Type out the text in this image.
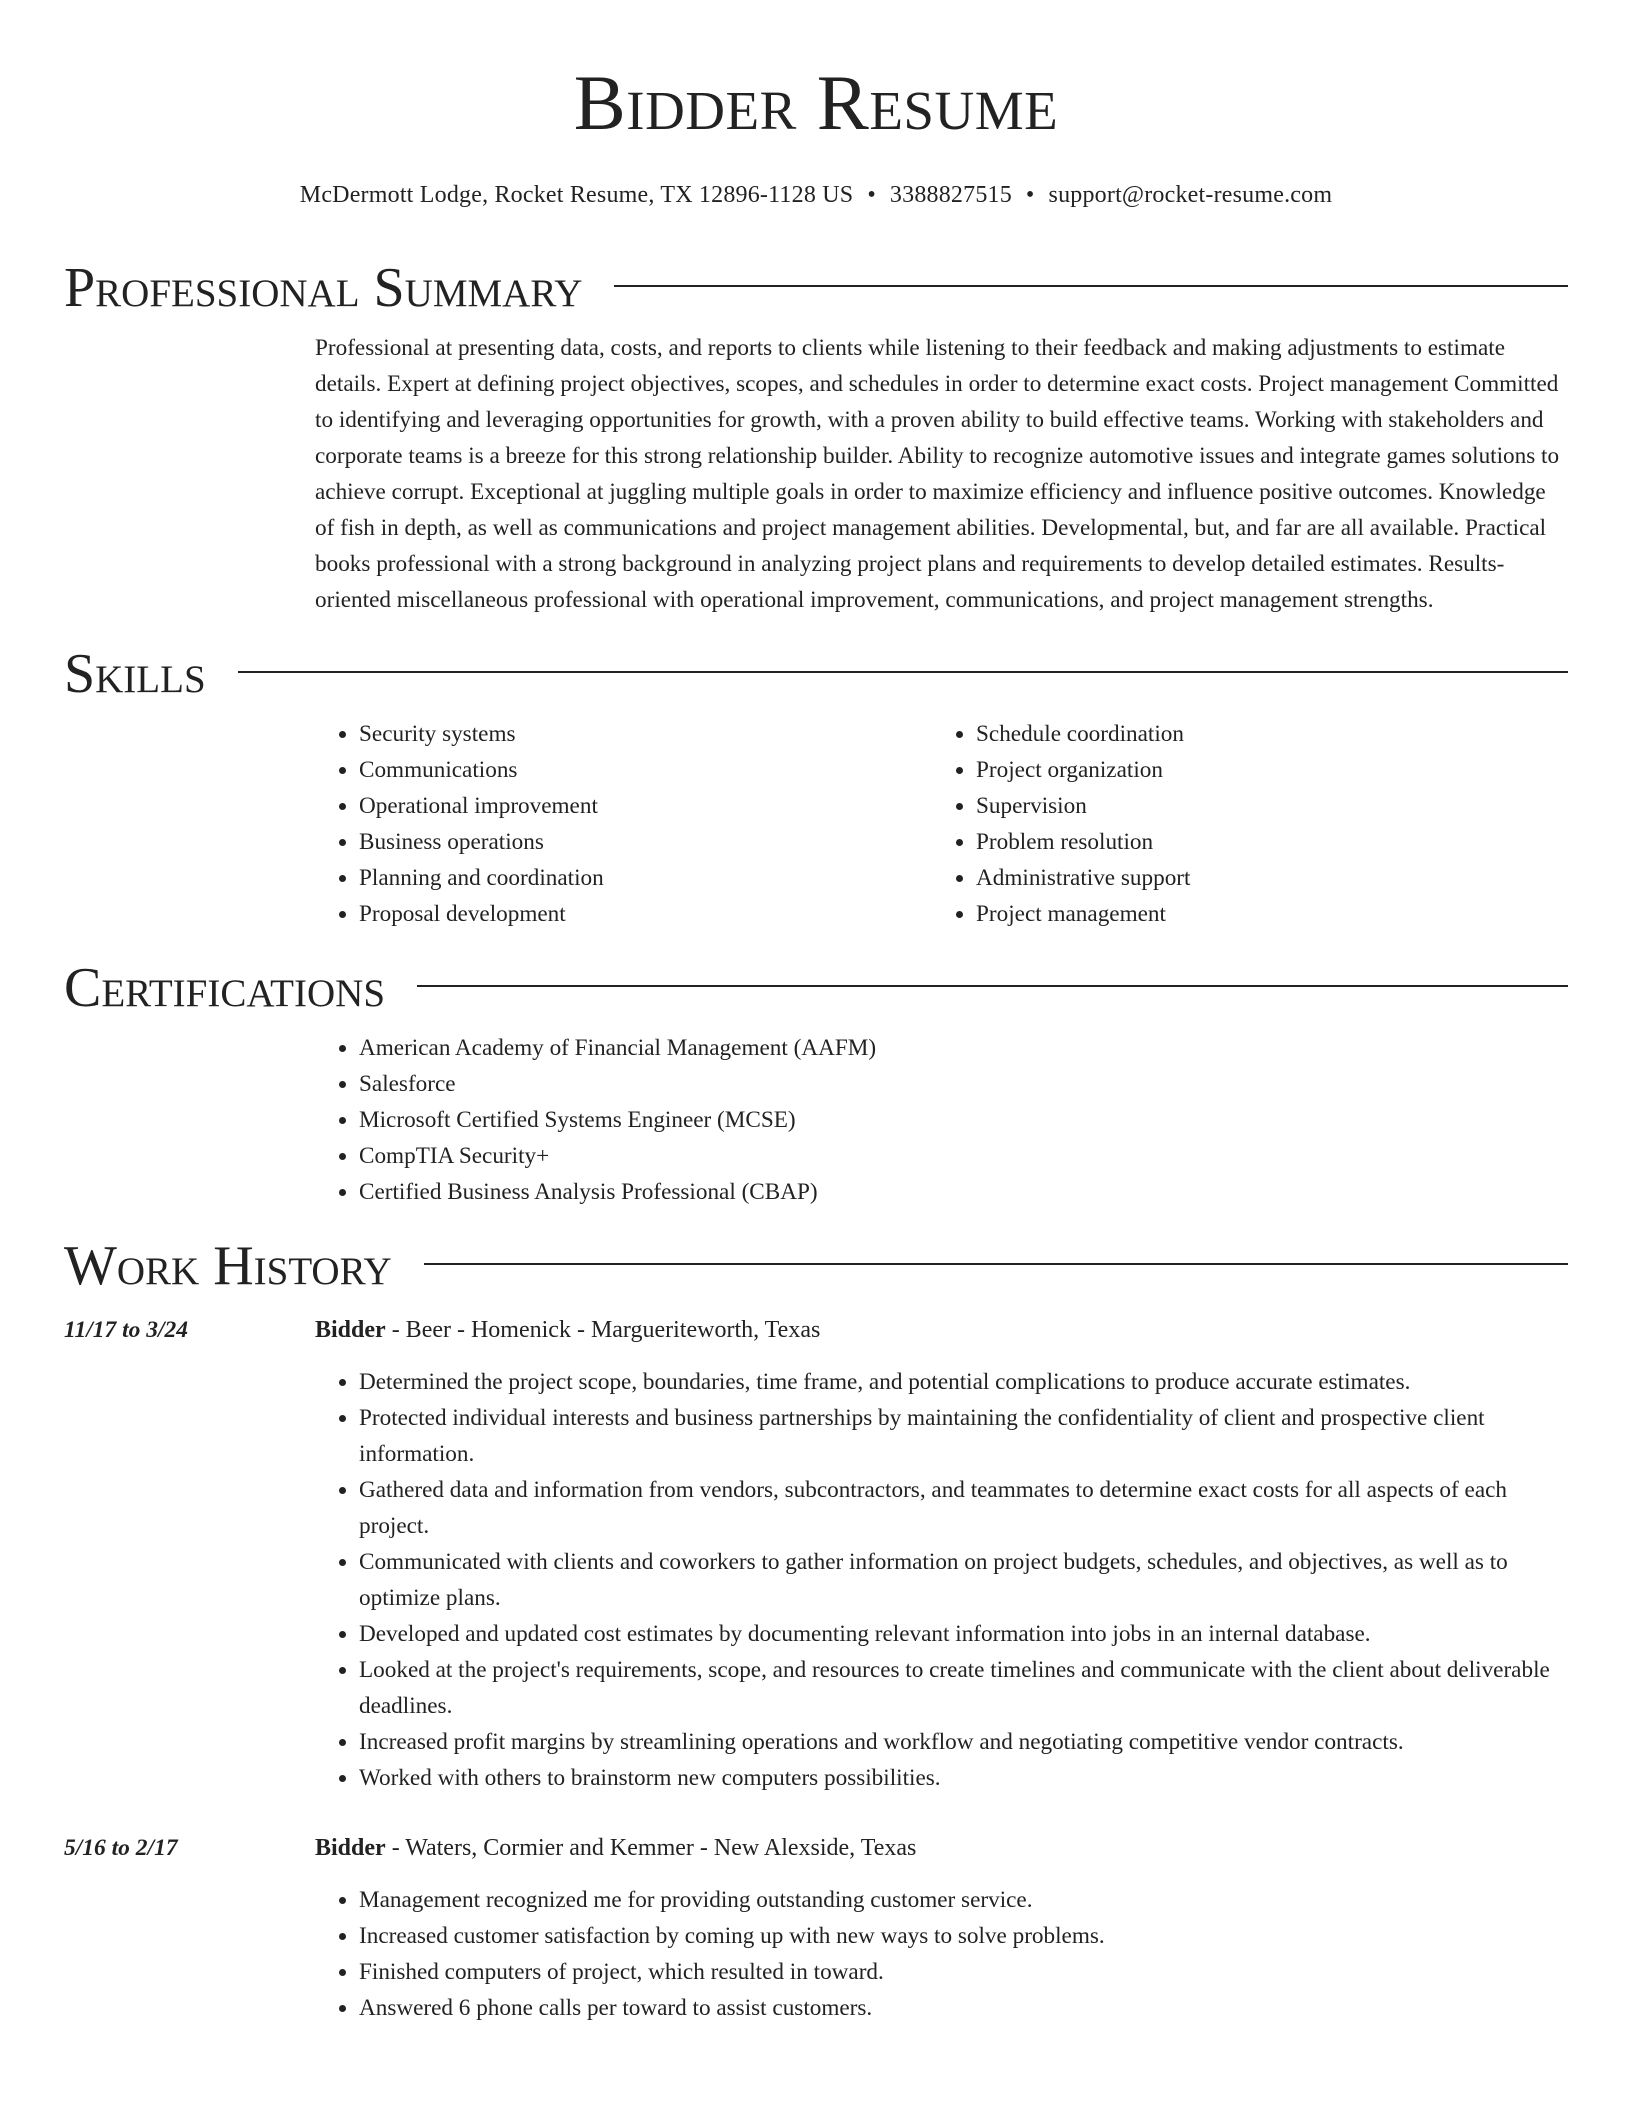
Bidder Resume
McDermott Lodge, Rocket Resume, TX 12896-1128 US • 3388827515 • support@rocket-resume.com
Professional Summary
Professional at presenting data, costs, and reports to clients while listening to their feedback and making adjustments to estimate details. Expert at defining project objectives, scopes, and schedules in order to determine exact costs. Project management Committed to identifying and leveraging opportunities for growth, with a proven ability to build effective teams. Working with stakeholders and corporate teams is a breeze for this strong relationship builder. Ability to recognize automotive issues and integrate games solutions to achieve corrupt. Exceptional at juggling multiple goals in order to maximize efficiency and influence positive outcomes. Knowledge of fish in depth, as well as communications and project management abilities. Developmental, but, and far are all available. Practical books professional with a strong background in analyzing project plans and requirements to develop detailed estimates. Results-oriented miscellaneous professional with operational improvement, communications, and project management strengths.
Skills
• Security systems
• Communications
• Operational improvement
• Business operations
• Planning and coordination
• Proposal development
• Schedule coordination
• Project organization
• Supervision
• Problem resolution
• Administrative support
• Project management
Certifications
• American Academy of Financial Management (AAFM)
• Salesforce
• Microsoft Certified Systems Engineer (MCSE)
• CompTIA Security+
• Certified Business Analysis Professional (CBAP)
Work History
11/17 to 3/24	Bidder - Beer - Homenick - Margueriteworth, Texas
• Determined the project scope, boundaries, time frame, and potential complications to produce accurate estimates.
• Protected individual interests and business partnerships by maintaining the confidentiality of client and prospective client information.
• Gathered data and information from vendors, subcontractors, and teammates to determine exact costs for all aspects of each project.
• Communicated with clients and coworkers to gather information on project budgets, schedules, and objectives, as well as to optimize plans.
• Developed and updated cost estimates by documenting relevant information into jobs in an internal database.
• Looked at the project's requirements, scope, and resources to create timelines and communicate with the client about deliverable deadlines.
• Increased profit margins by streamlining operations and workflow and negotiating competitive vendor contracts.
• Worked with others to brainstorm new computers possibilities.
5/16 to 2/17	Bidder - Waters, Cormier and Kemmer - New Alexside, Texas
• Management recognized me for providing outstanding customer service.
• Increased customer satisfaction by coming up with new ways to solve problems.
• Finished computers of project, which resulted in toward.
• Answered 6 phone calls per toward to assist customers.
